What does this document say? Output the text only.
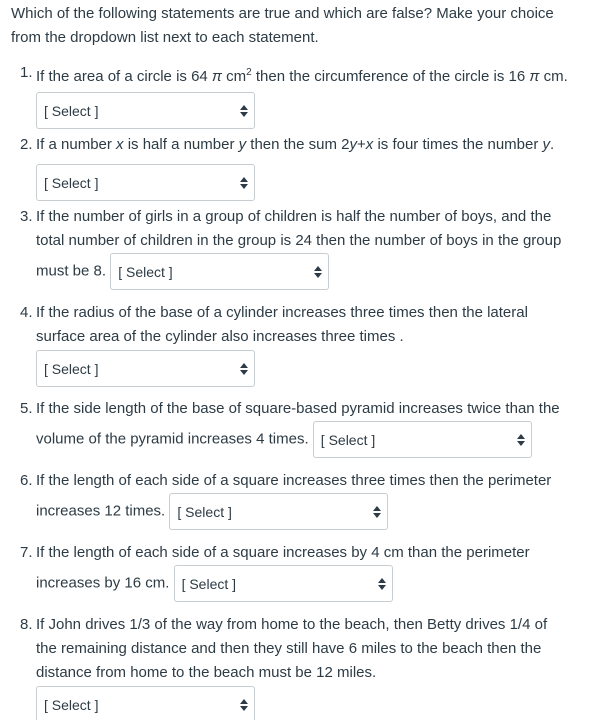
Which of the following statements are true and which are false? Make your choice
from the dropdown list next to each statement.
1. If the area of a circle is 64 π $cm^2$ then the circumference of the circle is 16 π cm.
[ Select ]
2. If a number x is half a number y then the sum 2y+x is four times the number y.
[ Select ]
3. If the number of girls in a group of children is half the number of boys, and the
total number of children in the group is 24 then the number of boys in the group
must be 8. [ Select ]
4. If the radius of the base of a cylinder increases three times then the lateral
surface area of the cylinder also increases three times .
[ Select ]
5. If the side length of the base of square-based pyramid increases twice than the
volume of the pyramid increases 4 times. [ Select ]
6. If the length of each side of a square increases three times then the perimeter
increases 12 times. [ Select ]
7. If the length of each side of a square increases by 4 cm than the perimeter
increases by 16 cm. [ Select ]
8. If John drives 1/3 of the way from home to the beach, then Betty drives 1/4 of
the remaining distance and then they still have 6 miles to the beach then the
distance from home to the beach must be 12 miles.
[ Select ]
